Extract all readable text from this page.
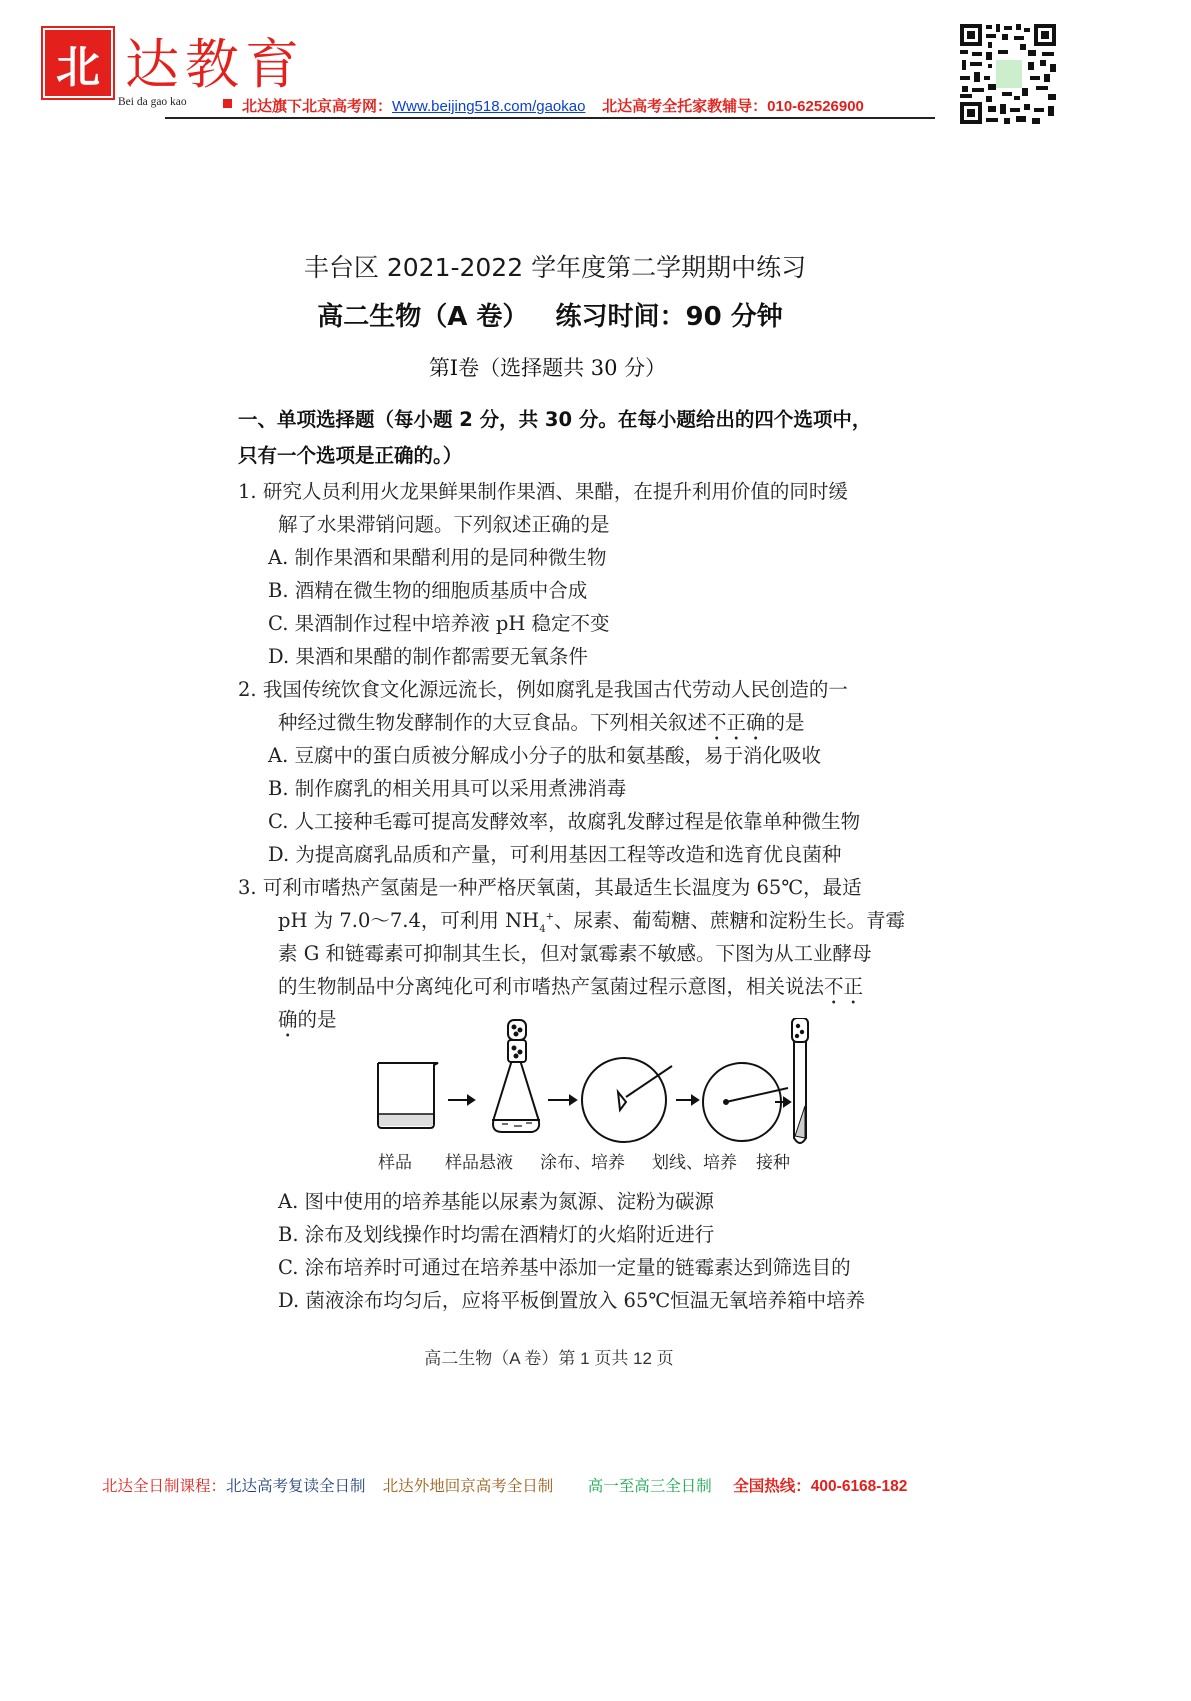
北 达教育
Bei da gao kao	北达旗下北京高考网：Www.beijing518.com/gaokao 北达高考全托家教辅导：010-62526900
丰台区 2021-2022 学年度第二学期期中练习
高二生物（A 卷）   练习时间：90 分钟
第Ⅰ卷（选择题共 30 分）
一、单项选择题（每小题 2 分，共 30 分。在每小题给出的四个选项中，
只有一个选项是正确的。）
1. 研究人员利用火龙果鲜果制作果酒、果醋，在提升利用价值的同时缓
解了水果滞销问题。下列叙述正确的是
A. 制作果酒和果醋利用的是同种微生物
B. 酒精在微生物的细胞质基质中合成
C. 果酒制作过程中培养液 pH 稳定不变
D. 果酒和果醋的制作都需要无氧条件
2. 我国传统饮食文化源远流长，例如腐乳是我国古代劳动人民创造的一
种经过微生物发酵制作的大豆食品。下列相关叙述不正确的是
A. 豆腐中的蛋白质被分解成小分子的肽和氨基酸，易于消化吸收
B. 制作腐乳的相关用具可以采用煮沸消毒
C. 人工接种毛霉可提高发酵效率，故腐乳发酵过程是依靠单种微生物
D. 为提高腐乳品质和产量，可利用基因工程等改造和选育优良菌种
3. 可利市嗜热产氢菌是一种严格厌氧菌，其最适生长温度为 65℃，最适
pH 为 7.0～7.4，可利用 $NH_4^+$、尿素、葡萄糖、蔗糖和淀粉生长。青霉
素 G 和链霉素可抑制其生长，但对氯霉素不敏感。下图为从工业酵母
的生物制品中分离纯化可利市嗜热产氢菌过程示意图，相关说法不正
确的是
样品 样品悬液 涂布、培养 划线、培养 接种
A. 图中使用的培养基能以尿素为氮源、淀粉为碳源
B. 涂布及划线操作时均需在酒精灯的火焰附近进行
C. 涂布培养时可通过在培养基中添加一定量的链霉素达到筛选目的
D. 菌液涂布均匀后，应将平板倒置放入 65℃恒温无氧培养箱中培养
高二生物（A 卷）第 1 页共 12 页
北达全日制课程：北达高考复读全日制 北达外地回京高考全日制 高一至高三全日制 全国热线：400-6168-182
